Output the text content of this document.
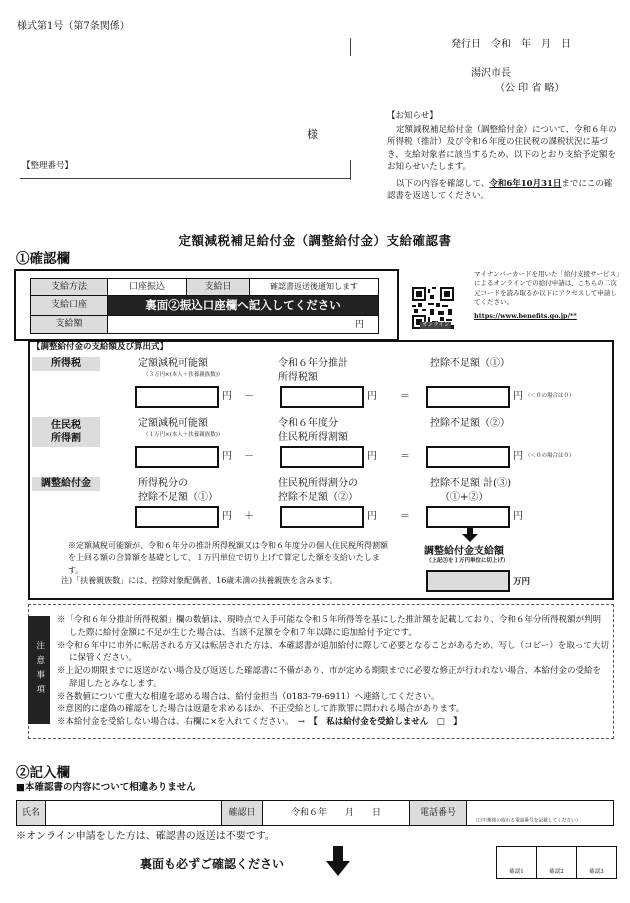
様式第1号（第7条関係）
発行日　令和　年　月　日
湯沢市長
（公 印 省 略）
様
【整理番号】
【お知らせ】
定額減税補足給付金（調整給付金）について、令和６年の所得税（推計）及び令和６年度の住民税の課税状況に基づき、支給対象者に該当するため、以下のとおり支給予定額をお知らせいたします。
以下の内容を確認して、令和6年10月31日までにこの確認書を返送してください。
定額減税補足給付金（調整給付金）支給確認書
①確認欄
支給方法	口座振込	支給日	確認書返送後通知します
支給口座	裏面②振込口座欄へ記入してください
支給額	円	オンライン
マイナンバーカードを用いた「給付支援サービス」によるオンラインでの給付申請は、こちらの二次元コードを読み取るか以下にアクセスして申請してください。
https://www.benefits.go.jp/**
【調整給付金の支給額及び算出式】
所得税	定額減税可能額
（３万円×(本人＋扶養親族数)）
令和６年分推計
所得税額
控除不足額（①）
円 －	円 ＝	円 （＜０の場合は０）
住民税
所得割
定額減税可能額
（１万円×(本人＋扶養親族数)）
令和６年度分
住民税所得割額
控除不足額（②）
円 －	円 ＝	円 （＜０の場合は０）
調整給付金	所得税分の
控除不足額（①）
住民税所得割分の
控除不足額（②）
控除不足額 計(③)
（①+②）
円 ＋	円 ＝	円
※定額減税可能額が、令和６年分の推計所得税額又は令和６年度分の個人住民税所得割額を上回る額の合算額を基礎として、１万円単位で切り上げて算定した額を支給いたします。
注)「扶養親族数」には、控除対象配偶者、16歳未満の扶養親族を含みます。
調整給付金支給額
（上記③を１万円単位に切上げ）
万円
注意事項
※「令和６年分推計所得税額」欄の数値は、現時点で入手可能な令和５年所得等を基にした推計額を記載しており、令和６年分所得税額が判明した際に給付金額に不足が生じた場合は、当該不足額を令和７年以降に追加給付予定です。
※令和６年中に市外に転居される方又は転居された方は、本確認書が追加給付に際して必要となることがあるため、写し（コピー）を取って大切に保管ください。
※上記の期限までに返送がない場合及び返送した確認書に不備があり、市が定める期限までに必要な修正が行われない場合、本給付金の受給を辞退したとみなします。
※各数値について重大な相違を認める場合は、給付金担当（0183-79-6911）へ連絡してください。
※意図的に虚偽の確認をした場合は返還を求めるほか、不正受給として詐欺罪に問われる場合があります。
※本給付金を受給しない場合は、右欄に×を入れてください。　→　 【　私は給付金を受給しません　□　】
②記入欄
■本確認書の内容について相違ありません
氏名	確認日	令和６年　　月　　日	電話番号
（日中連絡の取れる電話番号を記載してください）
※オンライン申請をした方は、確認書の返送は不要です。
裏面も必ずご確認ください
確認1	確認2	確認3
